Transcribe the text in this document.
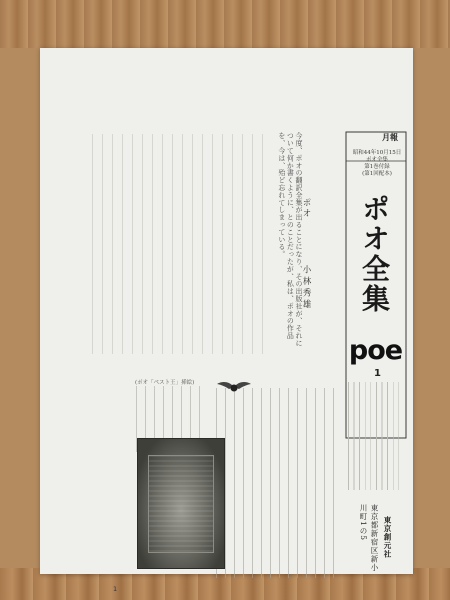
今度、ポオの翻訳全集が出ることになり、その出版社が、それについて何か書くように、とのことだったが、私は、ポオの作品を、今は、殆ど忘れてしまっている。	ポオ
小林秀雄
月報
昭和44年10月15日
ポオ全集
第1巻付録
(第1回配本)
ポオ全集
poe
1
(ポオ「ペスト王」挿絵)
東京都新宿区新小川町1の5	東京創元社
1
